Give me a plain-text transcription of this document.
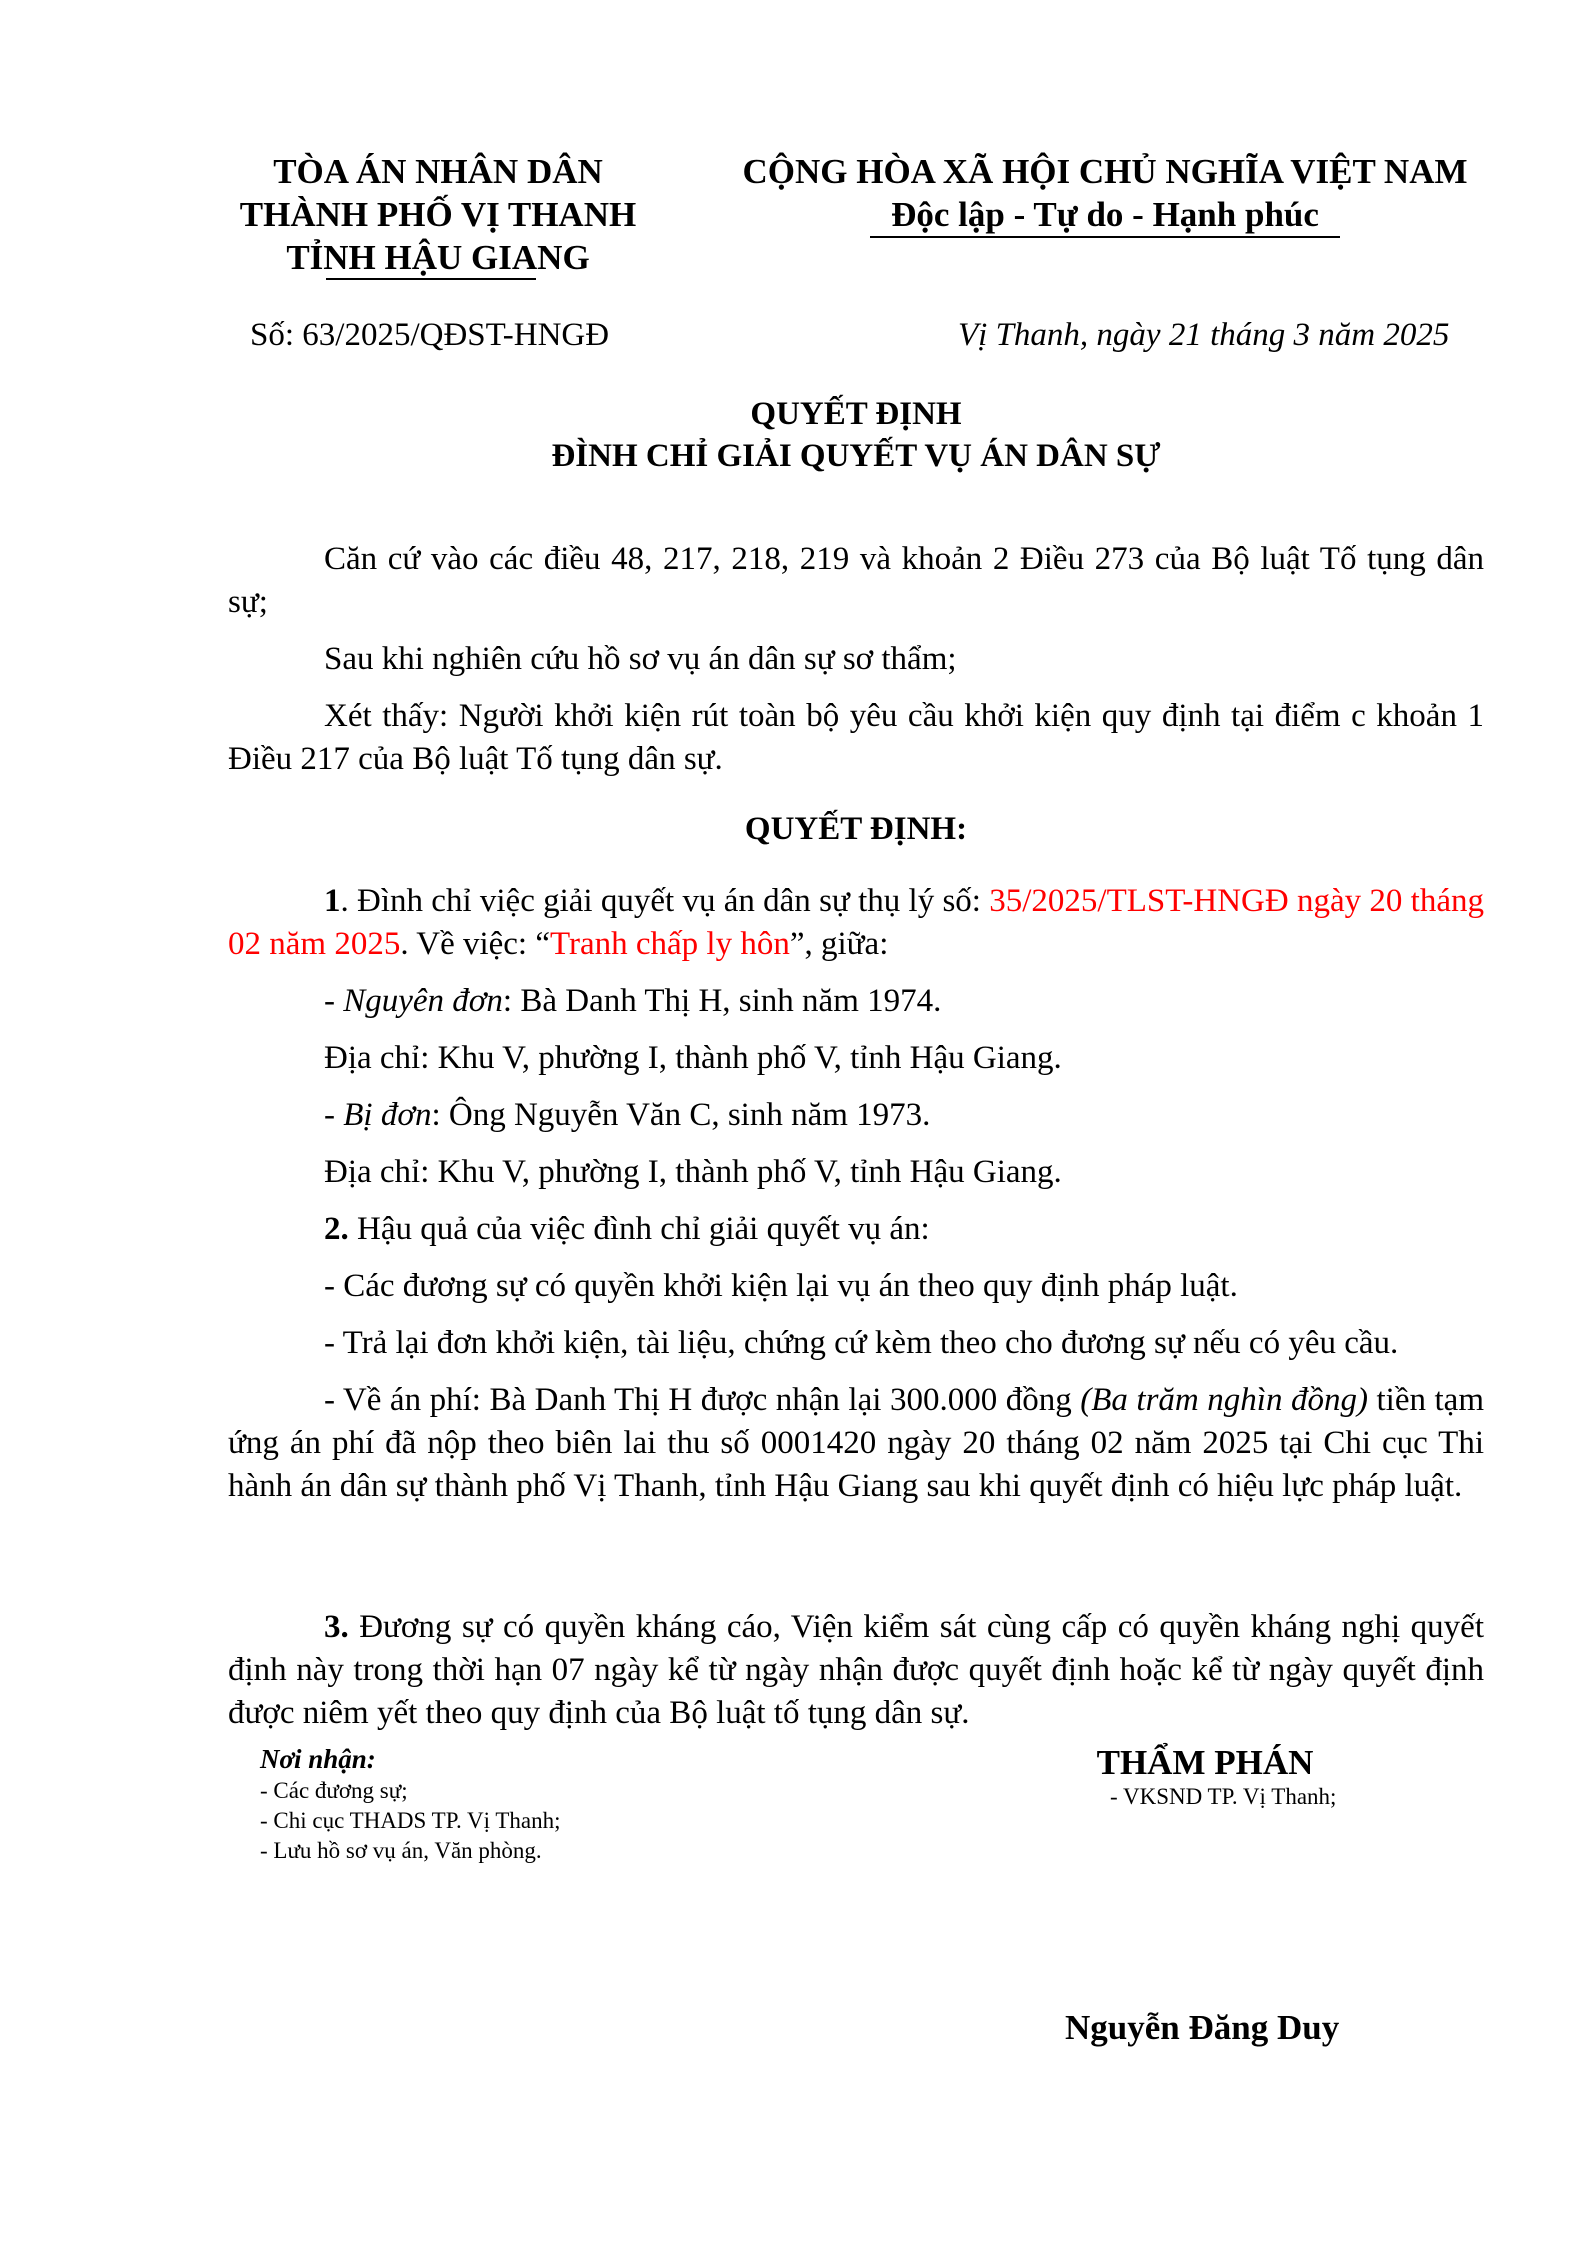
TÒA ÁN NHÂN DÂN
THÀNH PHỐ VỊ THANH
TỈNH HẬU GIANG
Số: 63/2025/QĐST-HNGĐ
CỘNG HÒA XÃ HỘI CHỦ NGHĨA VIỆT NAM
Độc lập - Tự do - Hạnh phúc
Vị Thanh, ngày 21 tháng 3 năm 2025
QUYẾT ĐỊNH
ĐÌNH CHỈ GIẢI QUYẾT VỤ ÁN DÂN SỰ

Căn cứ vào các điều 48, 217, 218, 219 và khoản 2 Điều 273 của Bộ luật Tố tụng dân sự;

Sau khi nghiên cứu hồ sơ vụ án dân sự sơ thẩm;

Xét thấy: Người khởi kiện rút toàn bộ yêu cầu khởi kiện quy định tại điểm c khoản 1 Điều 217 của Bộ luật Tố tụng dân sự.

QUYẾT ĐỊNH:

1. Đình chỉ việc giải quyết vụ án dân sự thụ lý số: 35/2025/TLST-HNGĐ ngày 20 tháng 02 năm 2025. Về việc: “Tranh chấp ly hôn”, giữa:

- Nguyên đơn: Bà Danh Thị H, sinh năm 1974.

Địa chỉ: Khu V, phường I, thành phố V, tỉnh Hậu Giang.

- Bị đơn: Ông Nguyễn Văn C, sinh năm 1973.

Địa chỉ: Khu V, phường I, thành phố V, tỉnh Hậu Giang.

2. Hậu quả của việc đình chỉ giải quyết vụ án:

- Các đương sự có quyền khởi kiện lại vụ án theo quy định pháp luật.

- Trả lại đơn khởi kiện, tài liệu, chứng cứ kèm theo cho đương sự nếu có yêu cầu.

- Về án phí: Bà Danh Thị H được nhận lại 300.000 đồng (Ba trăm nghìn đồng) tiền tạm ứng án phí đã nộp theo biên lai thu số 0001420 ngày 20 tháng 02 năm 2025 tại Chi cục Thi hành án dân sự thành phố Vị Thanh, tỉnh Hậu Giang sau khi quyết định có hiệu lực pháp luật.

3. Đương sự có quyền kháng cáo, Viện kiểm sát cùng cấp có quyền kháng nghị quyết định này trong thời hạn 07 ngày kể từ ngày nhận được quyết định hoặc kể từ ngày quyết định được niêm yết theo quy định của Bộ luật tố tụng dân sự.

Nơi nhận:
- Các đương sự;
- Chi cục THADS TP. Vị Thanh;
- Lưu hồ sơ vụ án, Văn phòng.
THẨM PHÁN
- VKSND TP. Vị Thanh;
Nguyễn Đăng Duy
